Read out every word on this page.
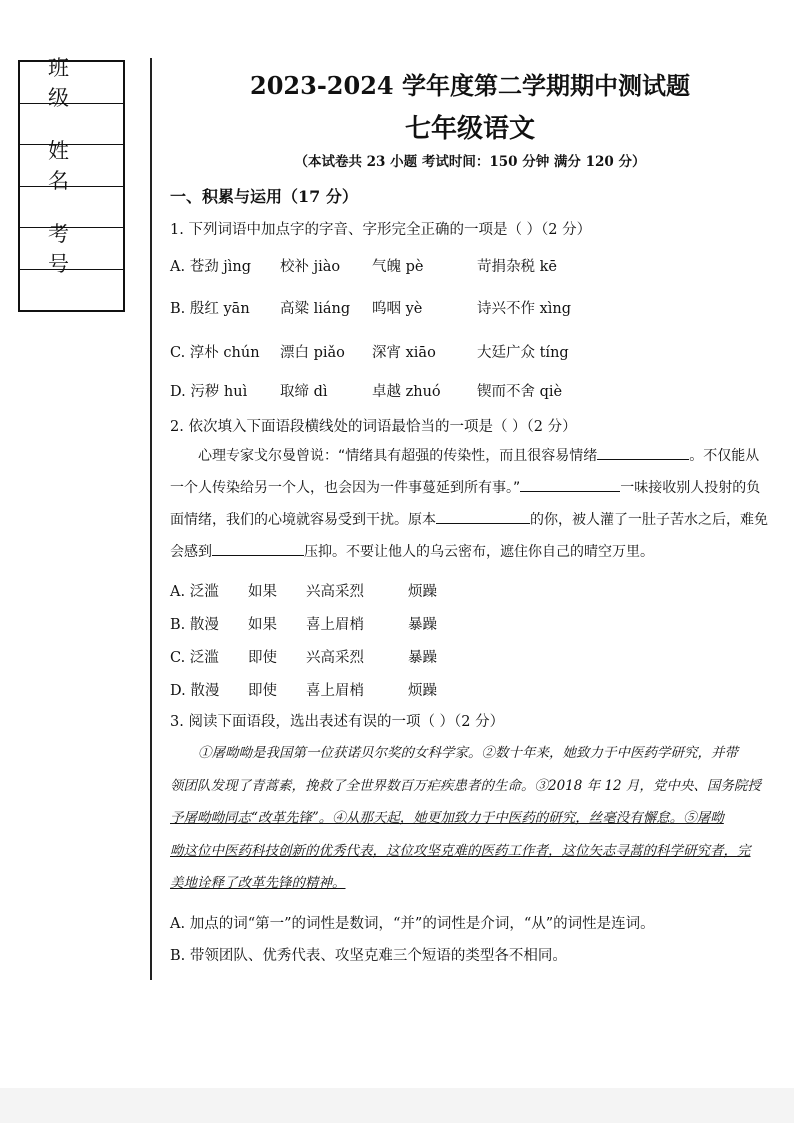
班 级
姓 名
考 号
2023-2024 学年度第二学期期中测试题
七年级语文
（本试卷共 23 小题 考试时间：150 分钟 满分 120 分）
一、积累与运用（17 分）
1. 下列词语中加点字的字音、字形完全正确的一项是（ ）（2 分）
A. 苍劲 jìng	校补 jiào	气魄 pè	苛捐杂税 kē
B. 殷红 yān	高粱 liáng	呜咽 yè	诗兴不作 xìng
C. 淳朴 chún	漂白 piǎo	深宵 xiāo	大廷广众 tíng
D. 污秽 huì	取缔 dì	卓越 zhuó	锲而不舍 qiè
2. 依次填入下面语段横线处的词语最恰当的一项是（ ）（2 分）
心理专家戈尔曼曾说：“情绪具有超强的传染性，而且很容易情绪	。不仅能从
一个人传染给另一个人，也会因为一件事蔓延到所有事。”	一味接收别人投射的负
面情绪，我们的心境就容易受到干扰。原本	的你，被人灌了一肚子苦水之后，难免
会感到	压抑。不要让他人的乌云密布，遮住你自己的晴空万里。
A. 泛滥	如果	兴高采烈	烦躁
B. 散漫	如果	喜上眉梢	暴躁
C. 泛滥	即使	兴高采烈	暴躁
D. 散漫	即使	喜上眉梢	烦躁
3. 阅读下面语段，选出表述有误的一项（ ）（2 分）
①屠呦呦是我国第一位获诺贝尔奖的女科学家。②数十年来，她致力于中医药学研究，并带
领团队发现了青蒿素，挽救了全世界数百万疟疾患者的生命。③2018 年 12 月，党中央、国务院授
予屠呦呦同志“改革先锋”。④从那天起，她更加致力于中医药的研究，丝毫没有懈怠。⑤屠呦
呦这位中医药科技创新的优秀代表，这位攻坚克难的医药工作者，这位矢志寻蒿的科学研究者，完
美地诠释了改革先锋的精神。
A. 加点的词“第一”的词性是数词，“并”的词性是介词，“从”的词性是连词。
B. 带领团队、优秀代表、攻坚克难三个短语的类型各不相同。
